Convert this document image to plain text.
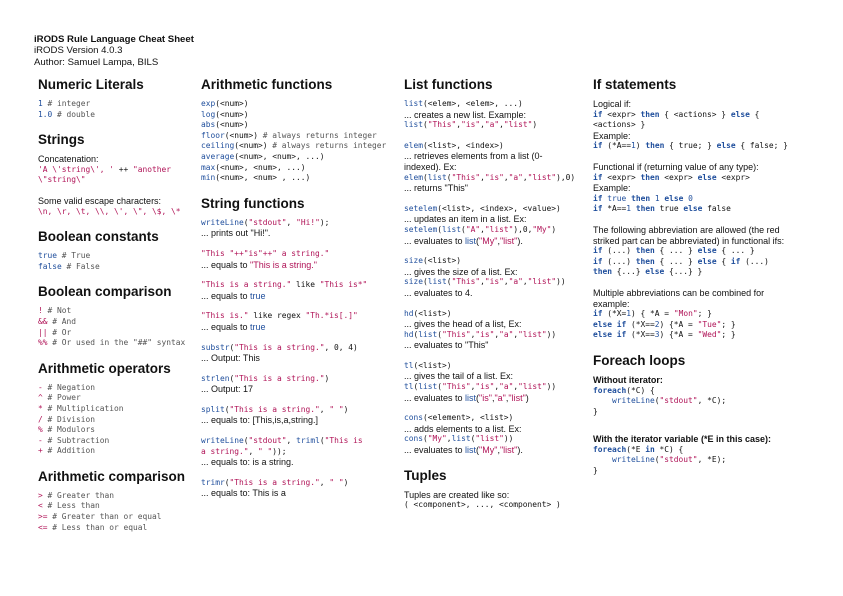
iRODS Rule Language Cheat Sheet
iRODS Version 4.0.3
Author: Samuel Lampa, BILS
Numeric Literals
1 # integer
1.0 # double
Strings
Concatenation:
'A \'string\', ' ++ "another
\"string\"
Some valid escape characters:
\n, \r, \t, \\, \', \", \$, \*
Boolean constants
true # True
false # False
Boolean comparison
! # Not
&& # And
|| # Or
%% # Or used in the "##" syntax
Arithmetic operators
- # Negation
^ # Power
* # Multiplication
/ # Division
% # Modulors
- # Subtraction
+ # Addition
Arithmetic comparison
> # Greater than
< # Less than
>= # Greater than or equal
<= # Less than or equal
Arithmetic functions
exp(<num>)
log(<num>)
abs(<num>)
floor(<num>) # always returns integer
ceiling(<num>) # always returns integer
average(<num>, <num>, ...)
max(<num>, <num>, ...)
min(<num>, <num> , ...)
String functions
writeLine("stdout", "Hi!");
... prints out "Hi!".
"This "++"is"++" a string."
... equals to "This is a string."
"This is a string." like "This is*"
... equals to true
"This is." like regex "Th.*is[.]"
... equals to true
substr("This is a string.", 0, 4)
... Output: This
strlen("This is a string.")
... Output: 17
split("This is a string.", " ")
... equals to: [This,is,a,string.]
writeLine("stdout", triml("This is
a string.", " "));
... equals to: is a string.
trimr("This is a string.", " ")
... equals to: This is a
List functions
list(<elem>, <elem>, ...)
... creates a new list. Example:
list("This","is","a","list")
elem(<list>, <index>)
... retrieves elements from a list (0-
indexed). Ex:
elem(list("This","is","a","list"),0)
... returns "This"
setelem(<list>, <index>, <value>)
... updates an item in a list. Ex:
setelem(list("A","list"),0,"My")
... evaluates to list("My","list").
size(<list>)
... gives the size of a list. Ex:
size(list("This","is","a","list"))
... evaluates to 4.
hd(<list>)
... gives the head of a list, Ex:
hd(list("This","is","a","list"))
... evaluates to "This"
tl(<list>)
... gives the tail of a list. Ex:
tl(list("This","is","a","list"))
... evaluates to list("is","a","list")
cons(<element>, <list>)
... adds elements to a list. Ex:
cons("My",list("list"))
... evaluates to list("My","list").
Tuples
Tuples are created like so:
( <component>, ..., <component> )
If statements
Logical if:
if <expr> then { <actions> } else {
<actions> }
Example:
if (*A==1) then { true; } else { false; }
Functional if (returning value of any type):
if <expr> then <expr> else <expr>
Example:
if true then 1 else 0
if *A==1 then true else false
The following abbreviation are allowed (the red
striked part can be abbreviated) in functional ifs:
if (...) then { ... } else { ... }
if (...) then { ... } else { if (...)
then {...} else {...} }
Multiple abbreviations can be combined for
example:
if (*X=1) { *A = "Mon"; }
else if (*X==2) {*A = "Tue"; }
else if (*X==3) {*A = "Wed"; }
Foreach loops
Without iterator:
foreach(*C) {
writeLine("stdout", *C);
}
With the iterator variable (*E in this case):
foreach(*E in *C) {
writeLine("stdout", *E);
}
